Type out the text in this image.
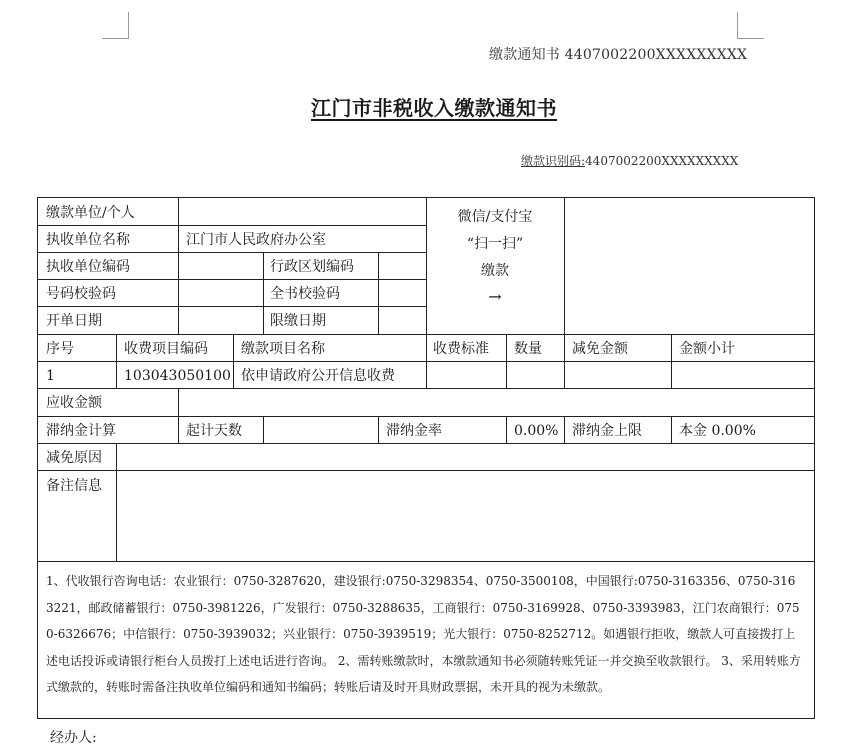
缴款通知书 4407002200XXXXXXXXX
江门市非税收入缴款通知书
缴款识别码:4407002200XXXXXXXXX
缴款单位/个人
执收单位名称	江门市人民政府办公室
执收单位编码	行政区划编码
号码校验码	全书校验码
开单日期	限缴日期
微信/支付宝
“扫一扫”
缴款
→
序号	收费项目编码 缴款项目名称	收费标准 数量 减免金额	金额小计
1	103043050100 依申请政府公开信息收费
应收金额
滞纳金计算	起计天数	滞纳金率	0.00% 滞纳金上限	本金 0.00%
减免原因
备注信息
1、代收银行咨询电话：农业银行：0750-3287620，建设银行:0750-3298354、0750-3500108，中国银行:0750-3163356、0750-3163221，邮政储蓄银行：0750-3981226，广发银行：0750-3288635，工商银行：0750-3169928、0750-3393983，江门农商银行：0750-6326676；中信银行：0750-3939032；兴业银行：0750-3939519；光大银行：0750-8252712。如遇银行拒收，缴款人可直接拨打上述电话投诉或请银行柜台人员拨打上述电话进行咨询。 2、需转账缴款时，本缴款通知书必须随转账凭证一并交换至收款银行。 3、采用转账方式缴款的，转账时需备注执收单位编码和通知书编码；转账后请及时开具财政票据，未开具的视为未缴款。
经办人:
